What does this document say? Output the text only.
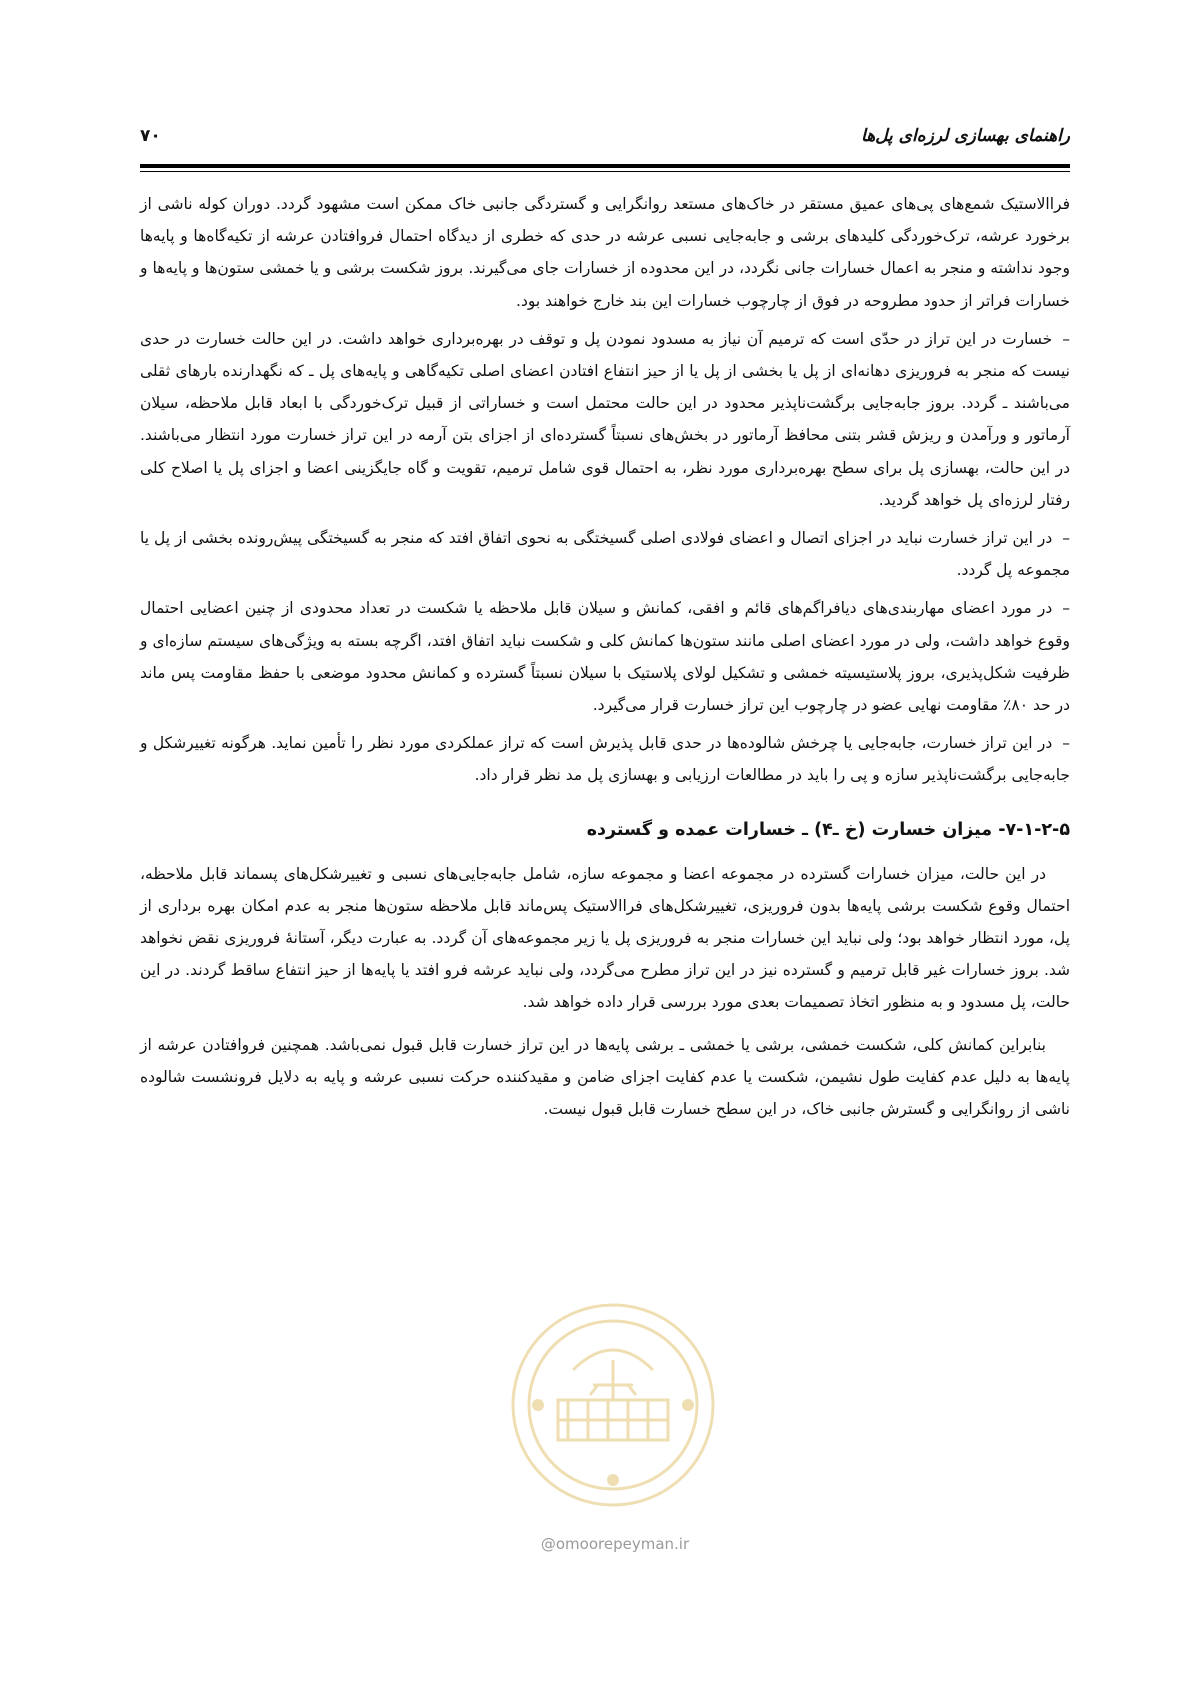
راهنمای بهسازی لرزه‌ای پل‌ها
۷۰

فراالاستیک شمع‌های پی‌های عمیق مستقر در خاک‌های مستعد روانگرایی و گستردگی جانبی خاک ممکن است مشهود گردد. دوران کوله ناشی از برخورد عرشه، ترک‌خوردگی کلیدهای برشی و جابه‌جایی نسبی عرشه در حدی که خطری از دیدگاه احتمال فروافتادن عرشه از تکیه‌گاه‌ها و پایه‌ها وجود نداشته و منجر به اعمال خسارات جانی نگردد، در این محدوده از خسارات جای می‌گیرند. بروز شکست برشی و یا خمشی ستون‌ها و پایه‌ها و خسارات فراتر از حدود مطروحه در فوق از چارچوب خسارات این بند خارج خواهند بود.

–خسارت در این تراز در حدّی است که ترمیم آن نیاز به مسدود نمودن پل و توقف در بهره‌برداری خواهد داشت. در این حالت خسارت در حدی نیست که منجر به فروریزی دهانه‌ای از پل یا بخشی از پل یا از حیز انتفاع افتادن اعضای اصلی تکیه‌گاهی و پایه‌های پل ـ که نگهدارنده بارهای ثقلی می‌باشند ـ گردد. بروز جابه‌جایی برگشت‌ناپذیر محدود در این حالت محتمل است و خساراتی از قبیل ترک‌خوردگی با ابعاد قابل ملاحظه، سیلان آرماتور و ورآمدن و ریزش قشر بتنی محافظ آرماتور در بخش‌های نسبتاً گسترده‌ای از اجزای بتن آرمه در این تراز خسارت مورد انتظار می‌باشند. در این حالت، بهسازی پل برای سطح بهره‌برداری مورد نظر، به احتمال قوی شامل ترمیم، تقویت و گاه جایگزینی اعضا و اجزای پل یا اصلاح کلی رفتار لرزه‌ای پل خواهد گردید.

–در این تراز خسارت نباید در اجزای اتصال و اعضای فولادی اصلی گسیختگی به نحوی اتفاق افتد که منجر به گسیختگی پیش‌رونده بخشی از پل یا مجموعه پل گردد.

–در مورد اعضای مهاربندی‌های دیافراگم‌های قائم و افقی، کمانش و سیلان قابل ملاحظه یا شکست در تعداد محدودی از چنین اعضایی احتمال وقوع خواهد داشت، ولی در مورد اعضای اصلی مانند ستون‌ها کمانش کلی و شکست نباید اتفاق افتد، اگرچه بسته به ویژگی‌های سیستم سازه‌ای و ظرفیت شکل‌پذیری، بروز پلاستیسیته خمشی و تشکیل لولای پلاستیک با سیلان نسبتاً گسترده و کمانش محدود موضعی با حفظ مقاومت پس ماند در حد ۸۰٪ مقاومت نهایی عضو در چارچوب این تراز خسارت قرار می‌گیرد.

–در این تراز خسارت، جابه‌جایی یا چرخش شالوده‌ها در حدی قابل پذیرش است که تراز عملکردی مورد نظر را تأمین نماید. هرگونه تغییرشکل و جابه‌جایی برگشت‌ناپذیر سازه و پی را باید در مطالعات ارزیابی و بهسازی پل مد نظر قرار داد.

۷-۱-۲-۵- میزان خسارت (خ ـ۴) ـ خسارات عمده و گسترده

در این حالت، میزان خسارات گسترده در مجموعه اعضا و مجموعه سازه، شامل جابه‌جایی‌های نسبی و تغییرشکل‌های پسماند قابل ملاحظه، احتمال وقوع شکست برشی پایه‌ها بدون فروریزی، تغییرشکل‌های فراالاستیک پس‌ماند قابل ملاحظه ستون‌ها منجر به عدم امکان بهره برداری از پل، مورد انتظار خواهد بود؛ ولی نباید این خسارات منجر به فروریزی پل یا زیر مجموعه‌های آن گردد. به عبارت دیگر، آستانهٔ فروریزی نقض نخواهد شد. بروز خسارات غیر قابل ترمیم و گسترده نیز در این تراز مطرح می‌گردد، ولی نباید عرشه فرو افتد یا پایه‌ها از حیز انتفاع ساقط گردند. در این حالت، پل مسدود و به منظور اتخاذ تصمیمات بعدی مورد بررسی قرار داده خواهد شد.

بنابراین کمانش کلی، شکست خمشی، برشی یا خمشی ـ برشی پایه‌ها در این تراز خسارت قابل قبول نمی‌باشد. همچنین فروافتادن عرشه از پایه‌ها به دلیل عدم کفایت طول نشیمن، شکست یا عدم کفایت اجزای ضامن و مقیدکننده حرکت نسبی عرشه و پایه به دلایل فرونشست شالوده ناشی از روانگرایی و گسترش جانبی خاک، در این سطح خسارت قابل قبول نیست.

@omoorepeyman.ir
